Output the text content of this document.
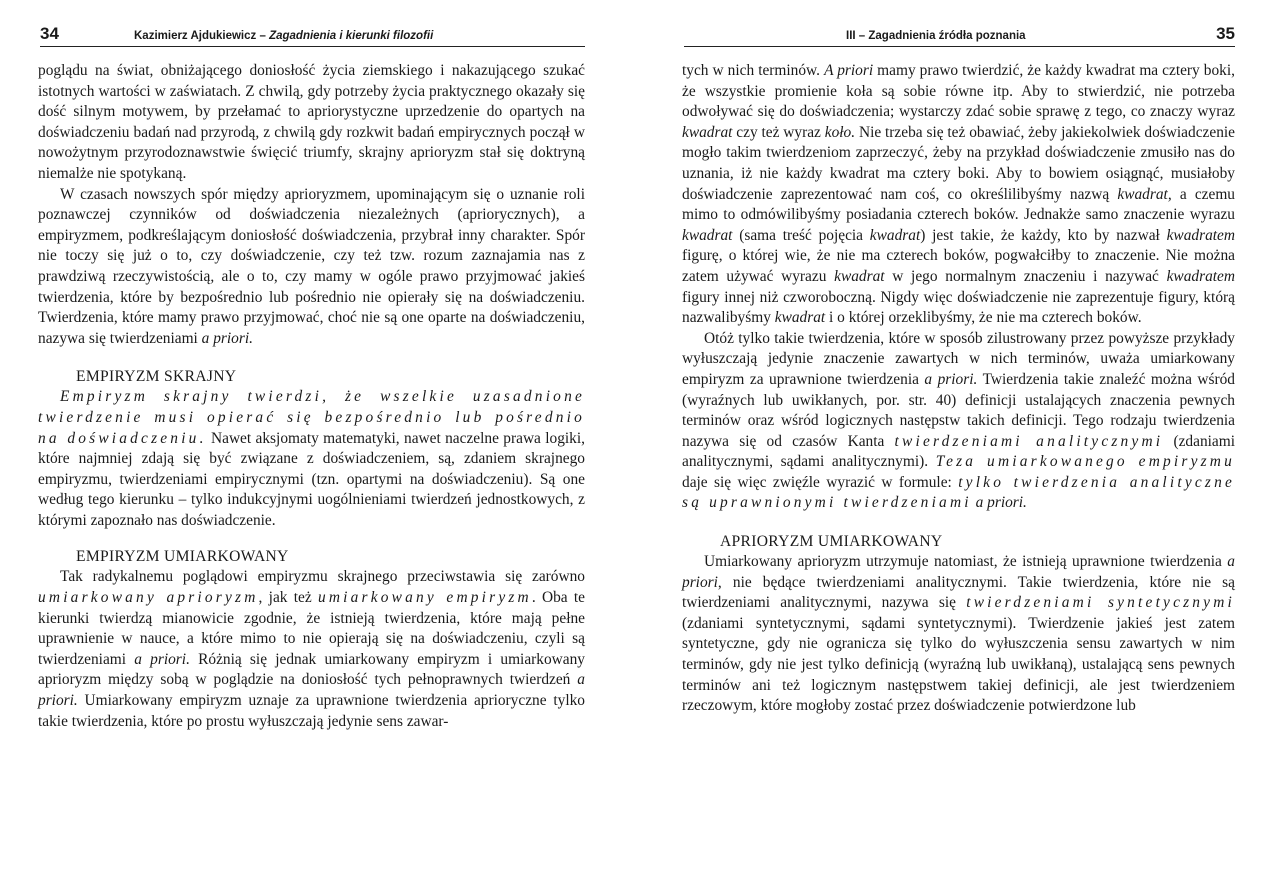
34	Kazimierz Ajdukiewicz – Zagadnienia i kierunki filozofii

poglądu na świat, obniżającego doniosłość życia ziemskiego i nakazującego szukać istotnych wartości w zaświatach. Z chwilą, gdy potrzeby życia praktycznego okazały się dość silnym motywem, by przełamać to apriorystyczne uprzedzenie do opartych na doświadczeniu badań nad przyrodą, z chwilą gdy rozkwit badań empirycznych począł w nowożytnym przyrodoznawstwie święcić triumfy, skrajny aprioryzm stał się doktryną niemalże nie spotykaną.

W czasach nowszych spór między aprioryzmem, upominającym się o uznanie roli poznawczej czynników od doświadczenia niezależnych (apriorycznych), a empiryzmem, podkreślającym doniosłość doświadczenia, przybrał inny charakter. Spór nie toczy się już o to, czy doświadczenie, czy też tzw. rozum zaznajamia nas z prawdziwą rzeczywistością, ale o to, czy mamy w ogóle prawo przyjmować jakieś twierdzenia, które by bezpośrednio lub pośrednio nie opierały się na doświadczeniu. Twierdzenia, które mamy prawo przyjmować, choć nie są one oparte na doświadczeniu, nazywa się twierdzeniami a priori.

EMPIRYZM SKRAJNY

Empiryzm skrajny twierdzi, że wszelkie uzasadnione twierdzenie musi opierać się bezpośrednio lub pośrednio na doświadczeniu. Nawet aksjomaty matematyki, nawet naczelne prawa logiki, które najmniej zdają się być związane z doświadczeniem, są, zdaniem skrajnego empiryzmu, twierdzeniami empirycznymi (tzn. opartymi na doświadczeniu). Są one według tego kierunku – tylko indukcyjnymi uogólnieniami twierdzeń jednostkowych, z którymi zapoznało nas doświadczenie.

EMPIRYZM UMIARKOWANY

Tak radykalnemu poglądowi empiryzmu skrajnego przeciwstawia się zarówno umiarkowany aprioryzm, jak też umiarkowany empiryzm. Oba te kierunki twierdzą mianowicie zgodnie, że istnieją twierdzenia, które mają pełne uprawnienie w nauce, a które mimo to nie opierają się na doświadczeniu, czyli są twierdzeniami a priori. Różnią się jednak umiarkowany empiryzm i umiarkowany aprioryzm między sobą w poglądzie na doniosłość tych pełnoprawnych twierdzeń a priori. Umiarkowany empiryzm uznaje za uprawnione twierdzenia aprioryczne tylko takie twierdzenia, które po prostu wyłuszczają jedynie sens zawar-

III – Zagadnienia źródła poznania	35

tych w nich terminów. A priori mamy prawo twierdzić, że każdy kwadrat ma cztery boki, że wszystkie promienie koła są sobie równe itp. Aby to stwierdzić, nie potrzeba odwoływać się do doświadczenia; wystarczy zdać sobie sprawę z tego, co znaczy wyraz kwadrat czy też wyraz koło. Nie trzeba się też obawiać, żeby jakiekolwiek doświadczenie mogło takim twierdzeniom zaprzeczyć, żeby na przykład doświadczenie zmusiło nas do uznania, iż nie każdy kwadrat ma cztery boki. Aby to bowiem osiągnąć, musiałoby doświadczenie zaprezentować nam coś, co określilibyśmy nazwą kwadrat, a czemu mimo to odmówilibyśmy posiadania czterech boków. Jednakże samo znaczenie wyrazu kwadrat (sama treść pojęcia kwadrat) jest takie, że każdy, kto by nazwał kwadratem figurę, o której wie, że nie ma czterech boków, pogwałciłby to znaczenie. Nie można zatem używać wyrazu kwadrat w jego normalnym znaczeniu i nazywać kwadratem figury innej niż czworoboczną. Nigdy więc doświadczenie nie zaprezentuje figury, którą nazwalibyśmy kwadrat i o której orzeklibyśmy, że nie ma czterech boków.

Otóż tylko takie twierdzenia, które w sposób zilustrowany przez powyższe przykłady wyłuszczają jedynie znaczenie zawartych w nich terminów, uważa umiarkowany empiryzm za uprawnione twierdzenia a priori. Twierdzenia takie znaleźć można wśród (wyraźnych lub uwikłanych, por. str. 40) definicji ustalających znaczenia pewnych terminów oraz wśród logicznych następstw takich definicji. Tego rodzaju twierdzenia nazywa się od czasów Kanta twierdzeniami analitycznymi (zdaniami analitycznymi, sądami analitycznymi). Teza umiarkowanego empiryzmu daje się więc zwięźle wyrazić w formule: tylko twierdzenia analityczne są uprawnionymi twierdzeniami a priori.

APRIORYZM UMIARKOWANY

Umiarkowany aprioryzm utrzymuje natomiast, że istnieją uprawnione twierdzenia a priori, nie będące twierdzeniami analitycznymi. Takie twierdzenia, które nie są twierdzeniami analitycznymi, nazywa się twierdzeniami syntetycznymi (zdaniami syntetycznymi, sądami syntetycznymi). Twierdzenie jakieś jest zatem syntetyczne, gdy nie ogranicza się tylko do wyłuszczenia sensu zawartych w nim terminów, gdy nie jest tylko definicją (wyraźną lub uwikłaną), ustalającą sens pewnych terminów ani też logicznym następstwem takiej definicji, ale jest twierdzeniem rzeczowym, które mogłoby zostać przez doświadczenie potwierdzone lub
